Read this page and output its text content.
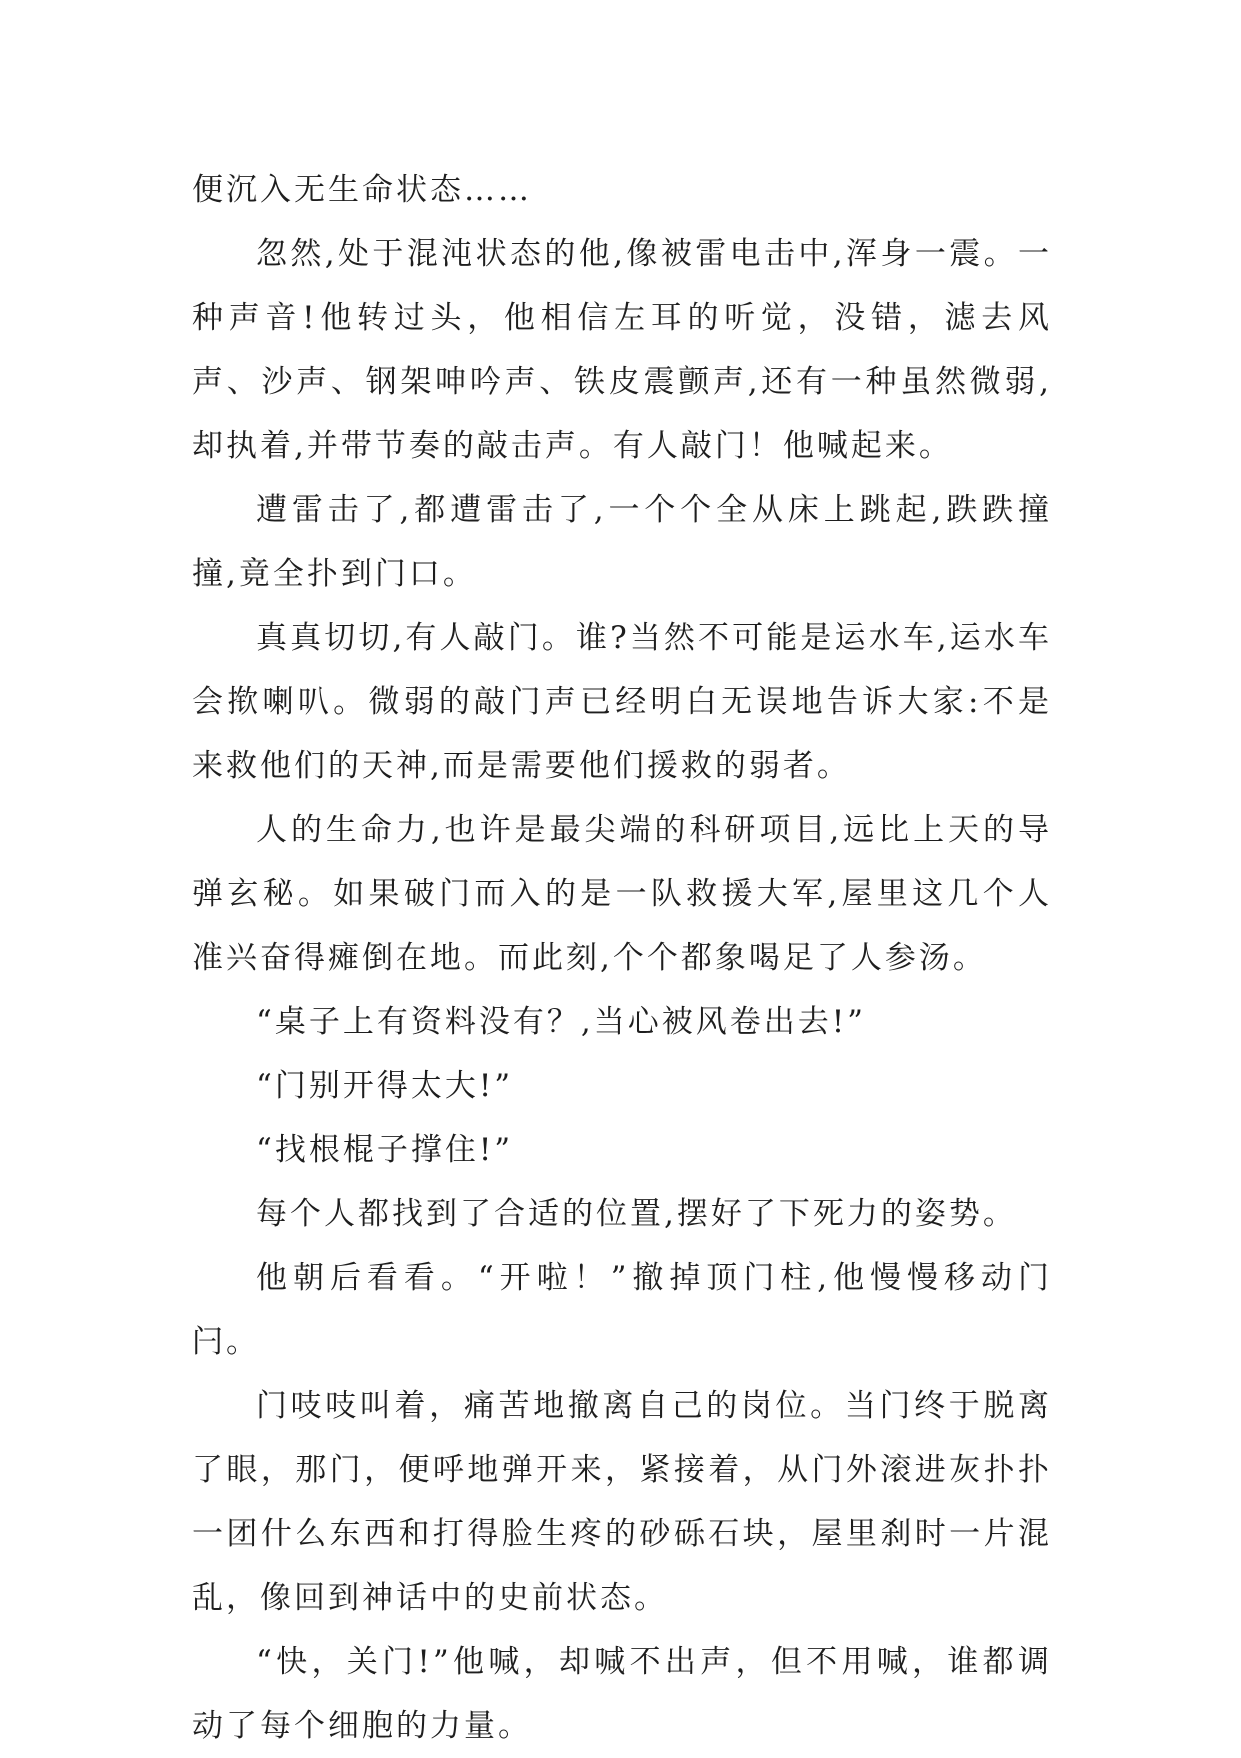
便沉入无生命状态……

忽然,处于混沌状态的他,像被雷电击中,浑身一震。一种声音!他转过头，他相信左耳的听觉，没错，滤去风声、沙声、钢架呻吟声、铁皮震颤声,还有一种虽然微弱,却执着,并带节奏的敲击声。有人敲门！他喊起来。

遭雷击了,都遭雷击了,一个个全从床上跳起,跌跌撞撞,竟全扑到门口。

真真切切,有人敲门。谁?当然不可能是运水车,运水车会揿喇叭。微弱的敲门声已经明白无误地告诉大家:不是来救他们的天神,而是需要他们援救的弱者。

人的生命力,也许是最尖端的科研项目,远比上天的导弹玄秘。如果破门而入的是一队救援大军,屋里这几个人准兴奋得瘫倒在地。而此刻,个个都象喝足了人参汤。

“桌子上有资料没有？,当心被风卷出去!”

“门别开得太大!”

“找根棍子撑住!”

每个人都找到了合适的位置,摆好了下死力的姿势。

他朝后看看。“开啦！”撤掉顶门柱,他慢慢移动门闩。

门吱吱叫着，痛苦地撤离自己的岗位。当门终于脱离了眼，那门，便呼地弹开来，紧接着，从门外滚进灰扑扑一团什么东西和打得脸生疼的砂砾石块，屋里刹时一片混乱，像回到神话中的史前状态。

“快，关门!”他喊，却喊不出声，但不用喊，谁都调动了每个细胞的力量。
